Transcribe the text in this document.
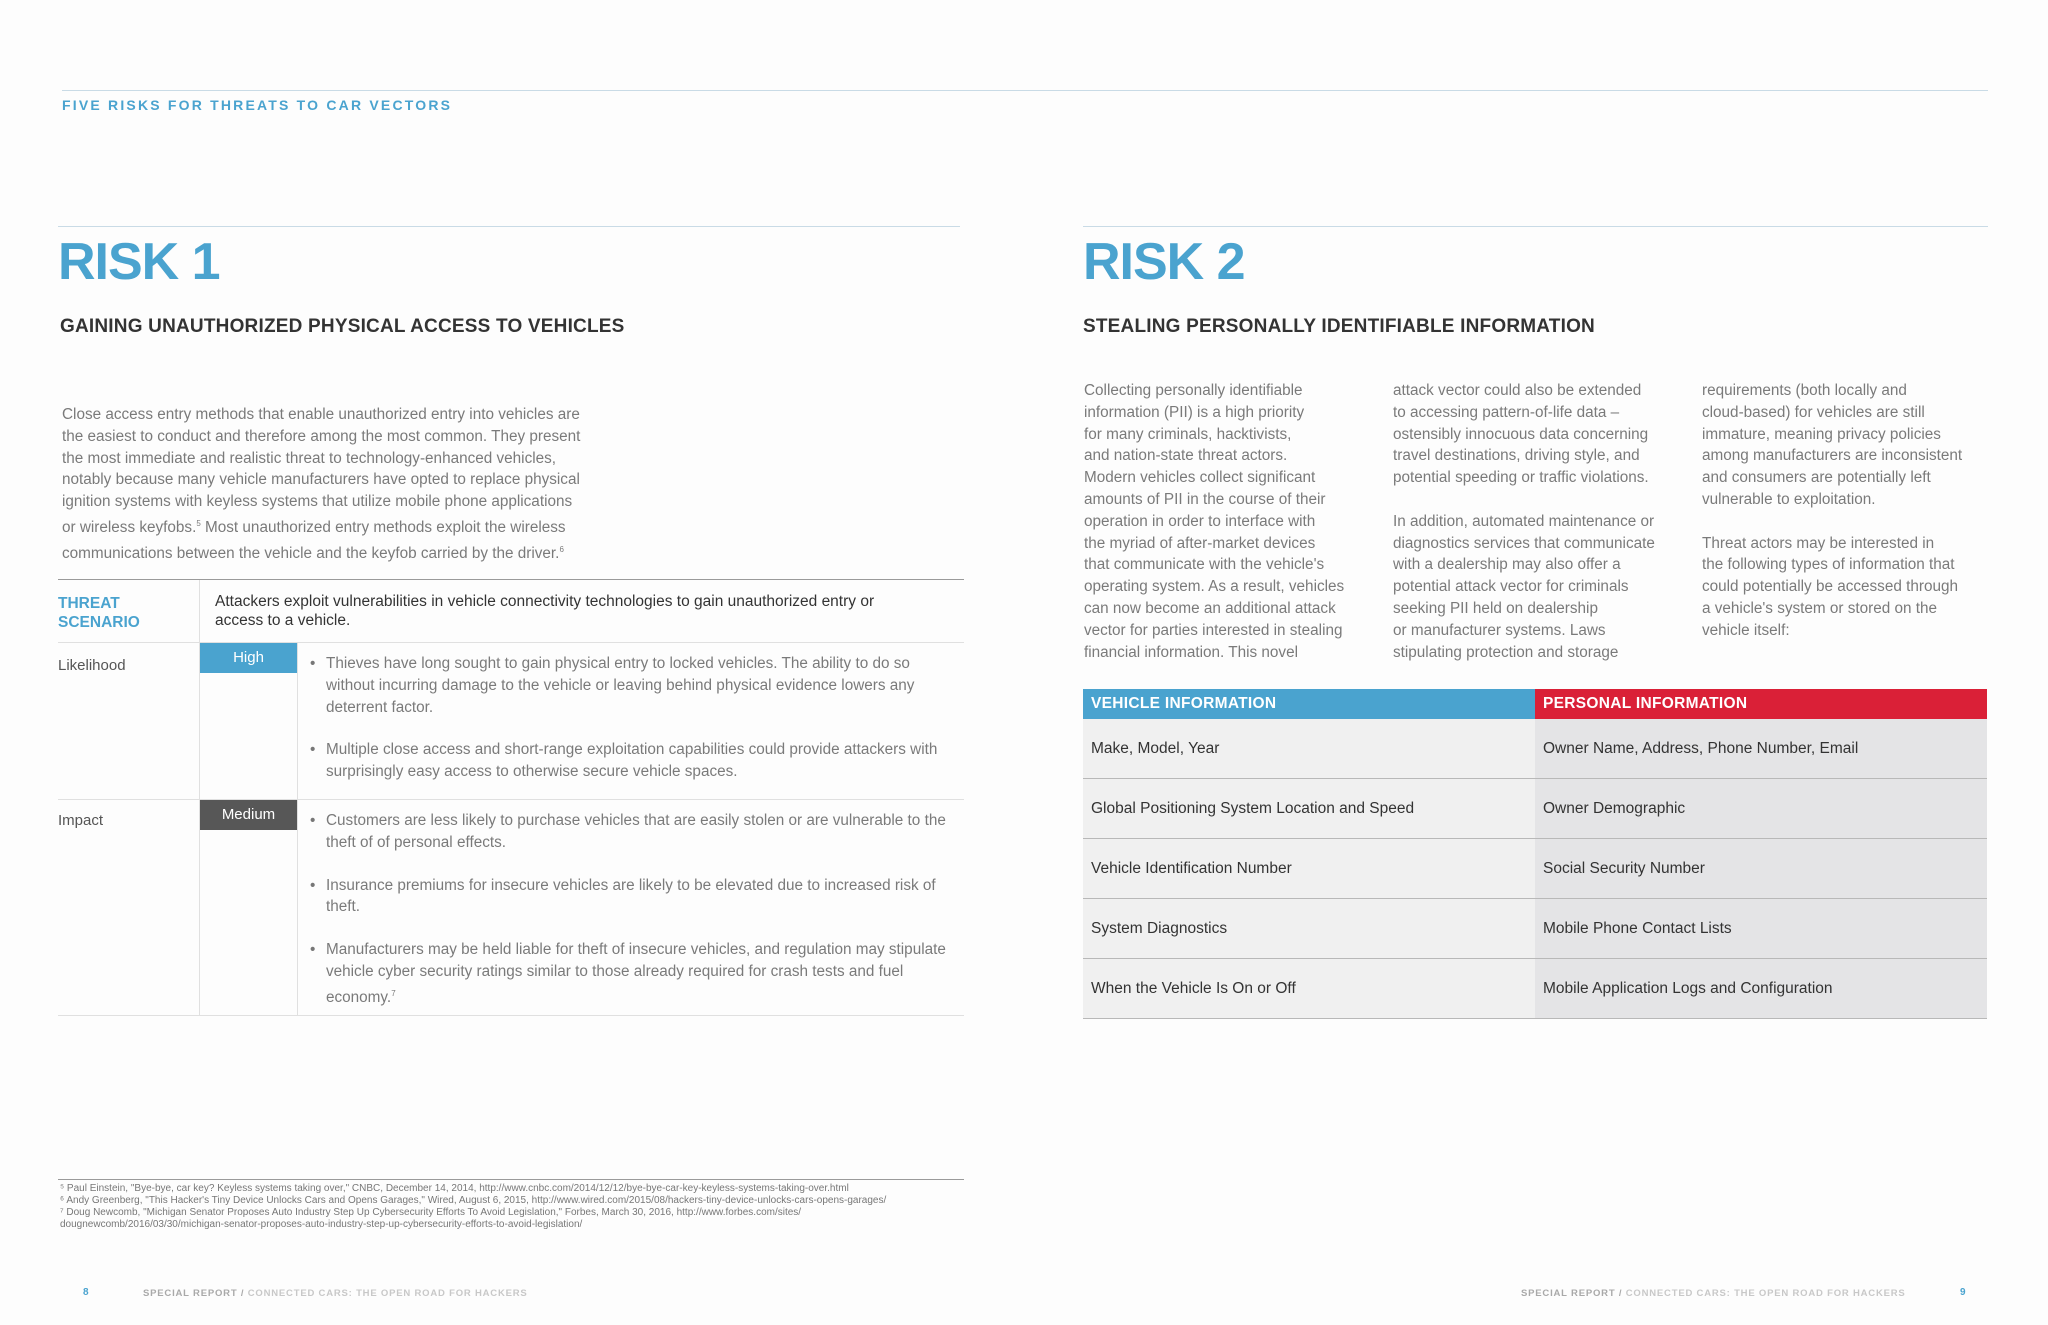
FIVE RISKS FOR THREATS TO CAR VECTORS
RISK 1
GAINING UNAUTHORIZED PHYSICAL ACCESS TO VEHICLES
Close access entry methods that enable unauthorized entry into vehicles are
the easiest to conduct and therefore among the most common. They present
the most immediate and realistic threat to technology-enhanced vehicles,
notably because many vehicle manufacturers have opted to replace physical
ignition systems with keyless systems that utilize mobile phone applications
or wireless keyfobs.$^5$ Most unauthorized entry methods exploit the wireless
communications between the vehicle and the keyfob carried by the driver.$^6$
THREAT
SCENARIO
Attackers exploit vulnerabilities in vehicle connectivity technologies to gain unauthorized entry or
access to a vehicle.
Likelihood	High	• Thieves have long sought to gain physical entry to locked vehicles. The ability to do so without incurring damage to the vehicle or leaving behind physical evidence lowers any deterrent factor.
• Multiple close access and short-range exploitation capabilities could provide attackers with surprisingly easy access to otherwise secure vehicle spaces.
Impact	Medium	• Customers are less likely to purchase vehicles that are easily stolen or are vulnerable to the theft of of personal effects.
• Insurance premiums for insecure vehicles are likely to be elevated due to increased risk of theft.
• Manufacturers may be held liable for theft of insecure vehicles, and regulation may stipulate vehicle cyber security ratings similar to those already required for crash tests and fuel economy.$^7$
⁵ Paul Einstein, "Bye-bye, car key? Keyless systems taking over," CNBC, December 14, 2014, http://www.cnbc.com/2014/12/12/bye-bye-car-key-keyless-systems-taking-over.html
⁶ Andy Greenberg, "This Hacker's Tiny Device Unlocks Cars and Opens Garages," Wired, August 6, 2015, http://www.wired.com/2015/08/hackers-tiny-device-unlocks-cars-opens-garages/
⁷ Doug Newcomb, "Michigan Senator Proposes Auto Industry Step Up Cybersecurity Efforts To Avoid Legislation," Forbes, March 30, 2016, http://www.forbes.com/sites/
dougnewcomb/2016/03/30/michigan-senator-proposes-auto-industry-step-up-cybersecurity-efforts-to-avoid-legislation/
RISK 2
STEALING PERSONALLY IDENTIFIABLE INFORMATION
Collecting personally identifiable
information (PII) is a high priority
for many criminals, hacktivists,
and nation-state threat actors.
Modern vehicles collect significant
amounts of PII in the course of their
operation in order to interface with
the myriad of after-market devices
that communicate with the vehicle's
operating system. As a result, vehicles
can now become an additional attack
vector for parties interested in stealing
financial information. This novel
attack vector could also be extended
to accessing pattern-of-life data –
ostensibly innocuous data concerning
travel destinations, driving style, and
potential speeding or traffic violations.
In addition, automated maintenance or
diagnostics services that communicate
with a dealership may also offer a
potential attack vector for criminals
seeking PII held on dealership
or manufacturer systems. Laws
stipulating protection and storage
requirements (both locally and
cloud-based) for vehicles are still
immature, meaning privacy policies
among manufacturers are inconsistent
and consumers are potentially left
vulnerable to exploitation.
Threat actors may be interested in
the following types of information that
could potentially be accessed through
a vehicle's system or stored on the
vehicle itself:
VEHICLE INFORMATION	PERSONAL INFORMATION
Make, Model, Year	Owner Name, Address, Phone Number, Email
Global Positioning System Location and Speed	Owner Demographic
Vehicle Identification Number	Social Security Number
System Diagnostics	Mobile Phone Contact Lists
When the Vehicle Is On or Off	Mobile Application Logs and Configuration
8	SPECIAL REPORT / CONNECTED CARS: THE OPEN ROAD FOR HACKERS	SPECIAL REPORT / CONNECTED CARS: THE OPEN ROAD FOR HACKERS	9
